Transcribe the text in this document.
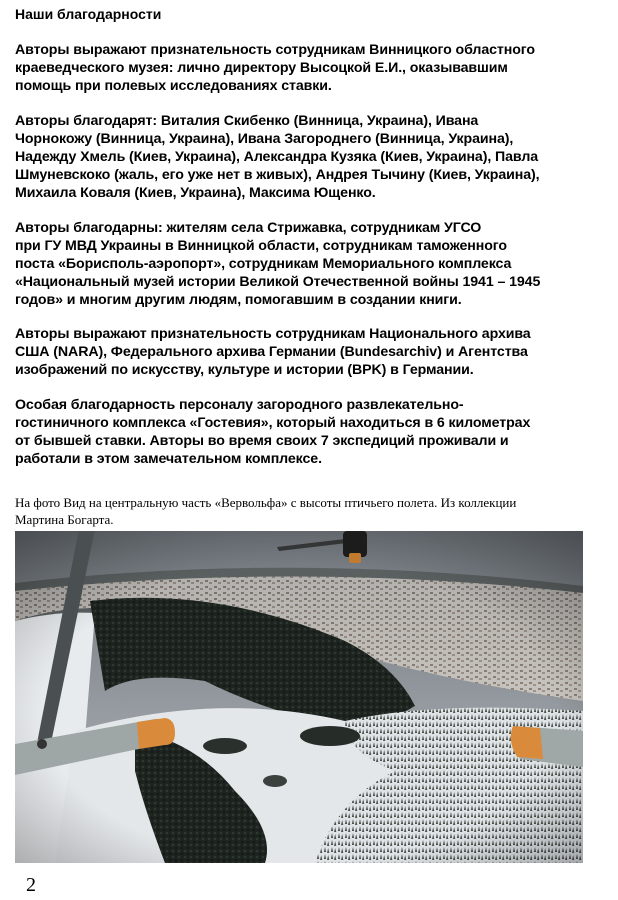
Наши благодарности

Авторы выражают признательность сотрудникам Винницкого областного
краеведческого музея: лично директору Высоцкой Е.И., оказывавшим
помощь при полевых исследованиях ставки.

Авторы благодарят: Виталия Скибенко (Винница, Украина), Ивана
Чорнокожу (Винница, Украина), Ивана Загороднего (Винница, Украина),
Надежду Хмель (Киев, Украина), Александра Кузяка (Киев, Украина), Павла
Шмуневскоко (жаль, его уже нет в живых), Андрея Тычину (Киев, Украина),
Михаила Коваля (Киев, Украина), Максима Ющенко.

Авторы благодарны: жителям села Стрижавка, сотрудникам УГСО
при ГУ МВД Украины в Винницкой области, сотрудникам таможенного
поста «Борисполь-аэропорт», сотрудникам Мемориального комплекса
«Национальный музей истории Великой Отечественной войны 1941 – 1945
годов» и многим другим людям, помогавшим в создании книги.

Авторы выражают признательность сотрудникам Национального архива
США (NARA), Федерального архива Германии (Bundesarchiv) и Агентства
изображений по искусству, культуре и истории (BPK) в Германии.

Особая благодарность персоналу загородного развлекательно-
гостиничного комплекса «Гостевия», который находиться в 6 километрах
от бывшей ставки. Авторы во время своих 7 экспедиций проживали и
работали в этом замечательном комплексе.

На фото Вид на центральную часть «Вервольфа» с высоты птичьего полета. Из коллекции
Мартина Богарта.

2
